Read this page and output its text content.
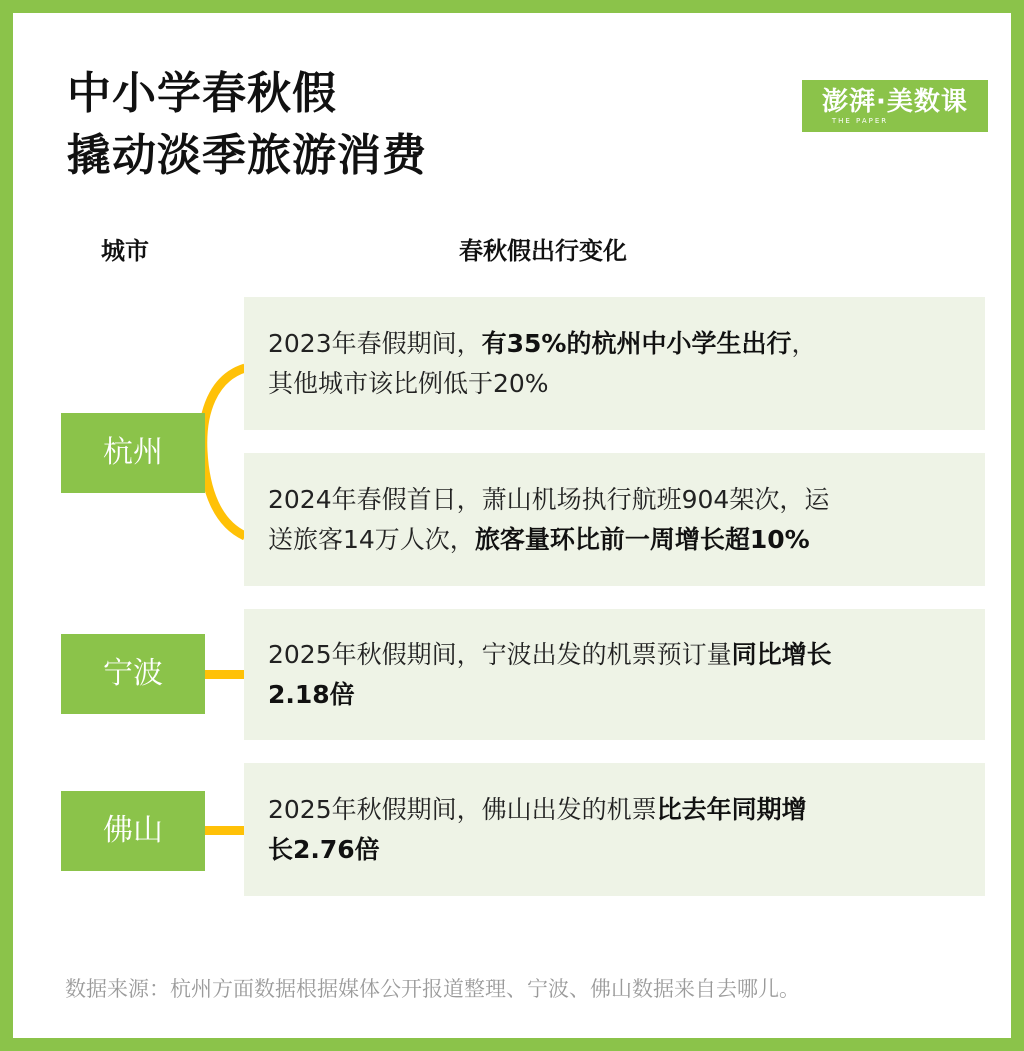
中小学春秋假
撬动淡季旅游消费
澎湃·美数课
THE PAPER
城市	春秋假出行变化
杭州

2023年春假期间，有35%的杭州中小学生出行，

其他城市该比例低于20%

2024年春假首日，萧山机场执行航班904架次，运

送旅客14万人次，旅客量环比前一周增长超10%

宁波

2025年秋假期间，宁波出发的机票预订量同比增长

2.18倍

佛山

2025年秋假期间，佛山出发的机票比去年同期增

长2.76倍

数据来源：杭州方面数据根据媒体公开报道整理、宁波、佛山数据来自去哪儿。
